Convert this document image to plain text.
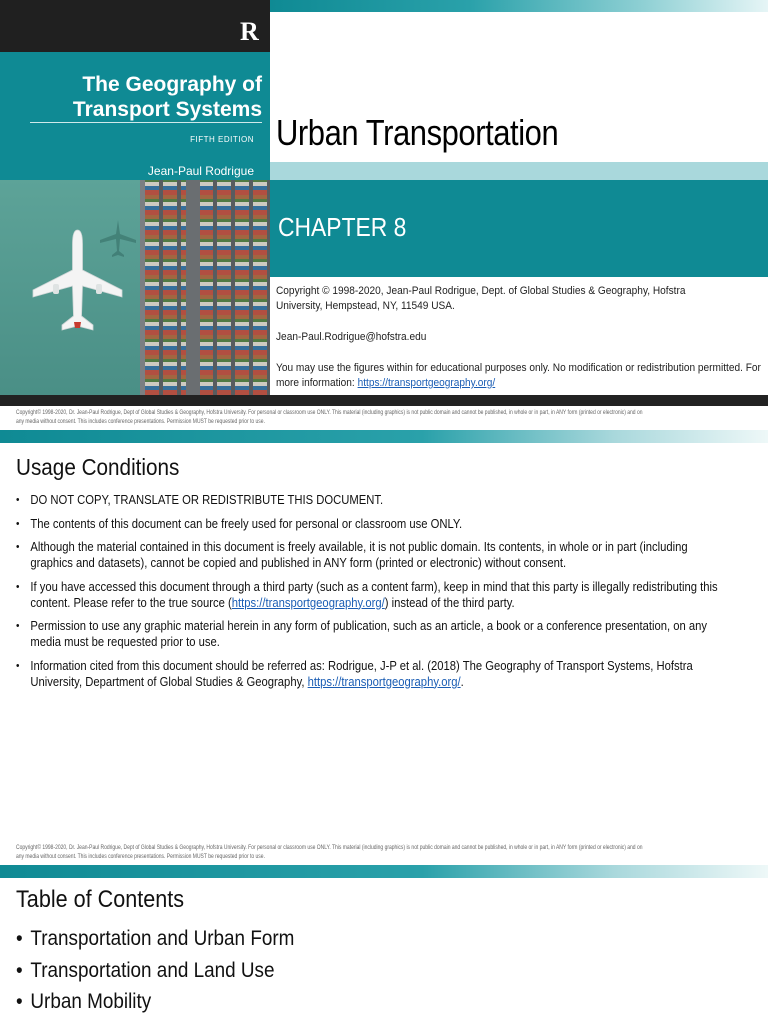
R
The Geography of
Transport Systems
FIFTH EDITION
Jean-Paul Rodrigue
Urban Transportation
CHAPTER 8
Copyright © 1998-2020, Jean-Paul Rodrigue, Dept. of Global Studies & Geography, Hofstra University, Hempstead, NY, 11549 USA.
Jean-Paul.Rodrigue@hofstra.edu
You may use the figures within for educational purposes only. No modification or redistribution permitted. For more information: https://transportgeography.org/
Copyright© 1998-2020, Dr. Jean-Paul Rodrigue, Dept of Global Studies & Geography, Hofstra University. For personal or classroom use ONLY. This material (including graphics) is not public domain and cannot be published, in whole or in part, in ANY form (printed or electronic) and on any media without consent. This includes conference presentations. Permission MUST be requested prior to use.
Usage Conditions
• DO NOT COPY, TRANSLATE OR REDISTRIBUTE THIS DOCUMENT.
• The contents of this document can be freely used for personal or classroom use ONLY.
• Although the material contained in this document is freely available, it is not public domain. Its contents, in whole or in part (including graphics and datasets), cannot be copied and published in ANY form (printed or electronic) without consent.
• If you have accessed this document through a third party (such as a content farm), keep in mind that this party is illegally redistributing this content. Please refer to the true source (https://transportgeography.org/) instead of the third party.
• Permission to use any graphic material herein in any form of publication, such as an article, a book or a conference presentation, on any media must be requested prior to use.
• Information cited from this document should be referred as: Rodrigue, J-P et al. (2018) The Geography of Transport Systems, Hofstra University, Department of Global Studies & Geography, https://transportgeography.org/.
Copyright© 1998-2020, Dr. Jean-Paul Rodrigue, Dept of Global Studies & Geography, Hofstra University. For personal or classroom use ONLY. This material (including graphics) is not public domain and cannot be published, in whole or in part, in ANY form (printed or electronic) and on any media without consent. This includes conference presentations. Permission MUST be requested prior to use.
Table of Contents
• Transportation and Urban Form
• Transportation and Land Use
• Urban Mobility
